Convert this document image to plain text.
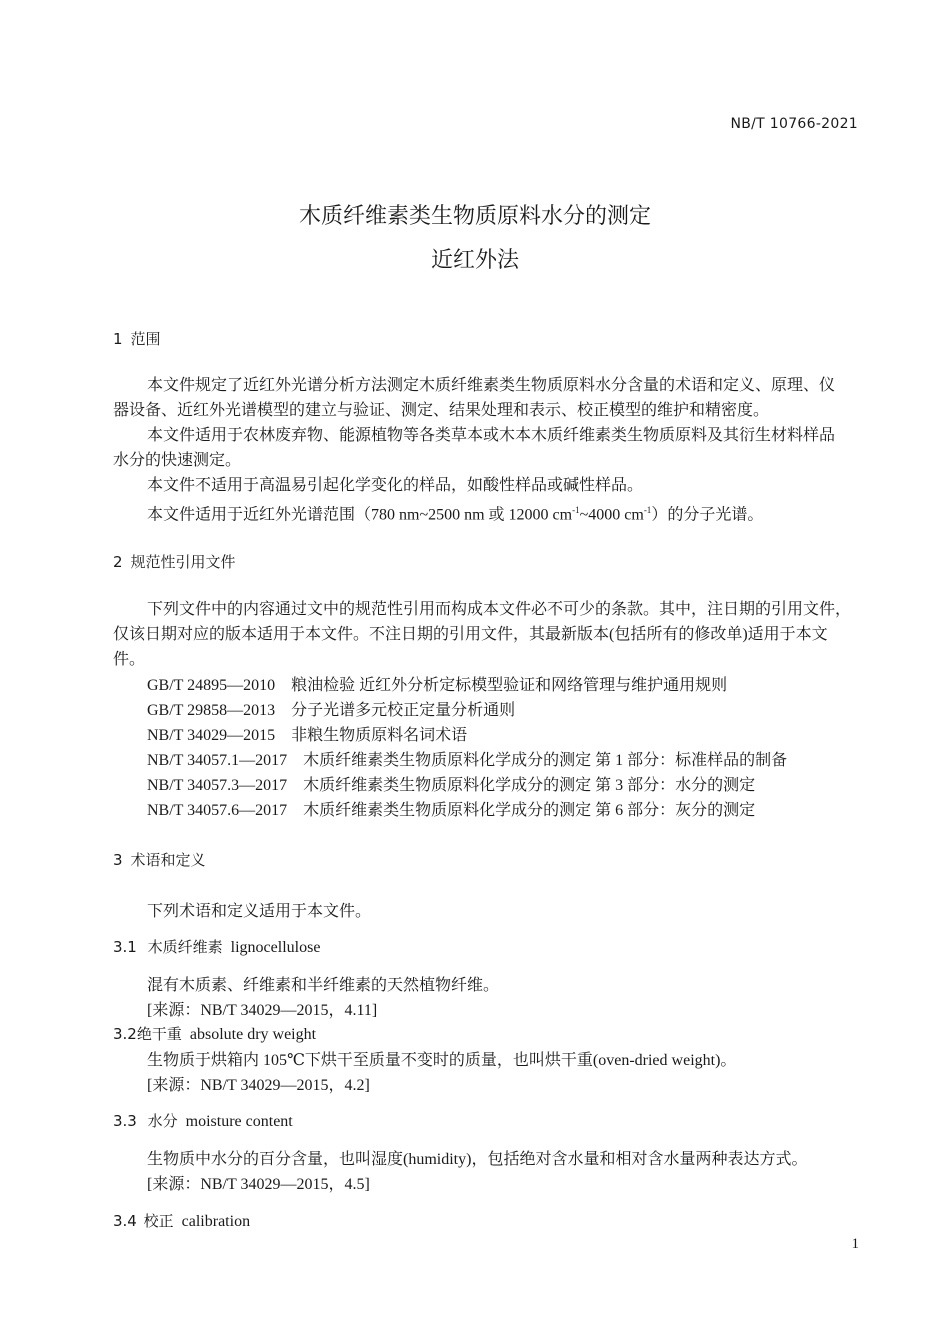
NB/T 10766-2021
木质纤维素类生物质原料水分的测定
近红外法
1 范围
本文件规定了近红外光谱分析方法测定木质纤维素类生物质原料水分含量的术语和定义、原理、仪
器设备、近红外光谱模型的建立与验证、测定、结果处理和表示、校正模型的维护和精密度。
本文件适用于农林废弃物、能源植物等各类草本或木本木质纤维素类生物质原料及其衍生材料样品
水分的快速测定。
本文件不适用于高温易引起化学变化的样品，如酸性样品或碱性样品。
本文件适用于近红外光谱范围（780 nm~2500 nm 或 12000 $cm^{-1}\sim 4000$ $cm^{-1}$）的分子光谱。
2 规范性引用文件
下列文件中的内容通过文中的规范性引用而构成本文件必不可少的条款。其中，注日期的引用文件，
仅该日期对应的版本适用于本文件。不注日期的引用文件，其最新版本(包括所有的修改单)适用于本文
件。
GB/T 24895—2010 粮油检验 近红外分析定标模型验证和网络管理与维护通用规则
GB/T 29858—2013 分子光谱多元校正定量分析通则
NB/T 34029—2015 非粮生物质原料名词术语
NB/T 34057.1—2017 木质纤维素类生物质原料化学成分的测定 第 1 部分：标准样品的制备
NB/T 34057.3—2017 木质纤维素类生物质原料化学成分的测定 第 3 部分：水分的测定
NB/T 34057.6—2017 木质纤维素类生物质原料化学成分的测定 第 6 部分：灰分的测定
3 术语和定义
下列术语和定义适用于本文件。
3.1 木质纤维素 lignocellulose
混有木质素、纤维素和半纤维素的天然植物纤维。
[来源：NB/T 34029—2015，4.11]
3.2绝干重 absolute dry weight
生物质于烘箱内 105℃下烘干至质量不变时的质量，也叫烘干重(oven-dried weight)。
[来源：NB/T 34029—2015，4.2]
3.3 水分 moisture content
生物质中水分的百分含量，也叫湿度(humidity)，包括绝对含水量和相对含水量两种表达方式。
[来源：NB/T 34029—2015，4.5]
3.4 校正 calibration
1
